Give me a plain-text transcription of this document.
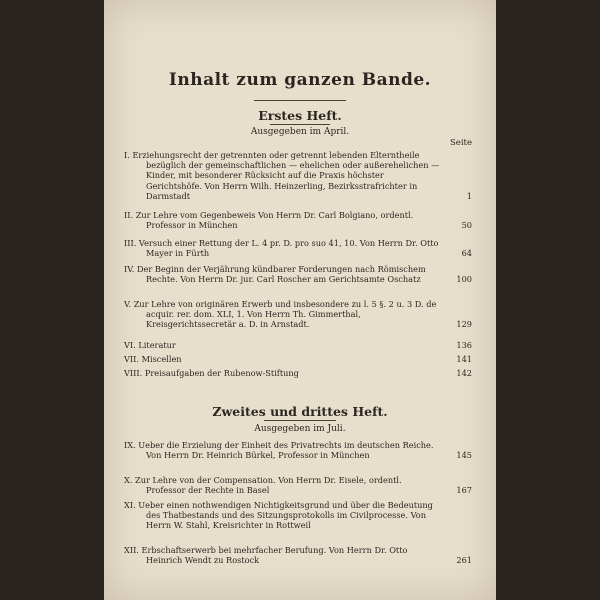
Inhalt zum ganzen Bande.
Erstes Heft.
Ausgegeben im April.
Seite
I. Erziehungsrecht der getrennten oder getrennt lebenden Elterntheile bezüglich der gemeinschaftlichen — ehelichen oder außerehelichen — Kinder, mit besonderer Rücksicht auf die Praxis höchster Gerichtshöfe. Von Herrn Wilh. Heinzerling, Bezirksstrafrichter in Darmstadt	1
II. Zur Lehre vom Gegenbeweis Von Herrn Dr. Carl Bolgiano, ordentl. Professor in München	50
III. Versuch einer Rettung der L. 4 pr. D. pro suo 41, 10. Von Herrn Dr. Otto Mayer in Fürth	64
IV. Der Beginn der Verjährung kündbarer Forderungen nach Römischem Rechte. Von Herrn Dr. jur. Carl Roscher am Gerichtsamte Oschatz	100
V. Zur Lehre von originären Erwerb und insbesondere zu l. 5 §. 2 u. 3 D. de acquir. rer. dom. XLI, 1. Von Herrn Th. Gimmerthal, Kreisgerichtssecretär a. D. in Arnstadt.	129
VI. Literatur	136
VII. Miscellen	141
VIII. Preisaufgaben der Rubenow-Stiftung	142
Zweites und drittes Heft.
Ausgegeben im Juli.
IX. Ueber die Erzielung der Einheit des Privatrechts im deutschen Reiche. Von Herrn Dr. Heinrich Bürkel, Professor in München	145
X. Zur Lehre von der Compensation. Von Herrn Dr. Eisele, ordentl. Professor der Rechte in Basel	167
XI. Ueber einen nothwendigen Nichtigkeitsgrund und über die Bedeutung des Thatbestands und des Sitzungsprotokolls im Civilprocesse. Von Herrn W. Stahl, Kreisrichter in Rottweil
XII. Erbschaftserwerb bei mehrfacher Berufung. Von Herrn Dr. Otto Heinrich Wendt zu Rostock	261
